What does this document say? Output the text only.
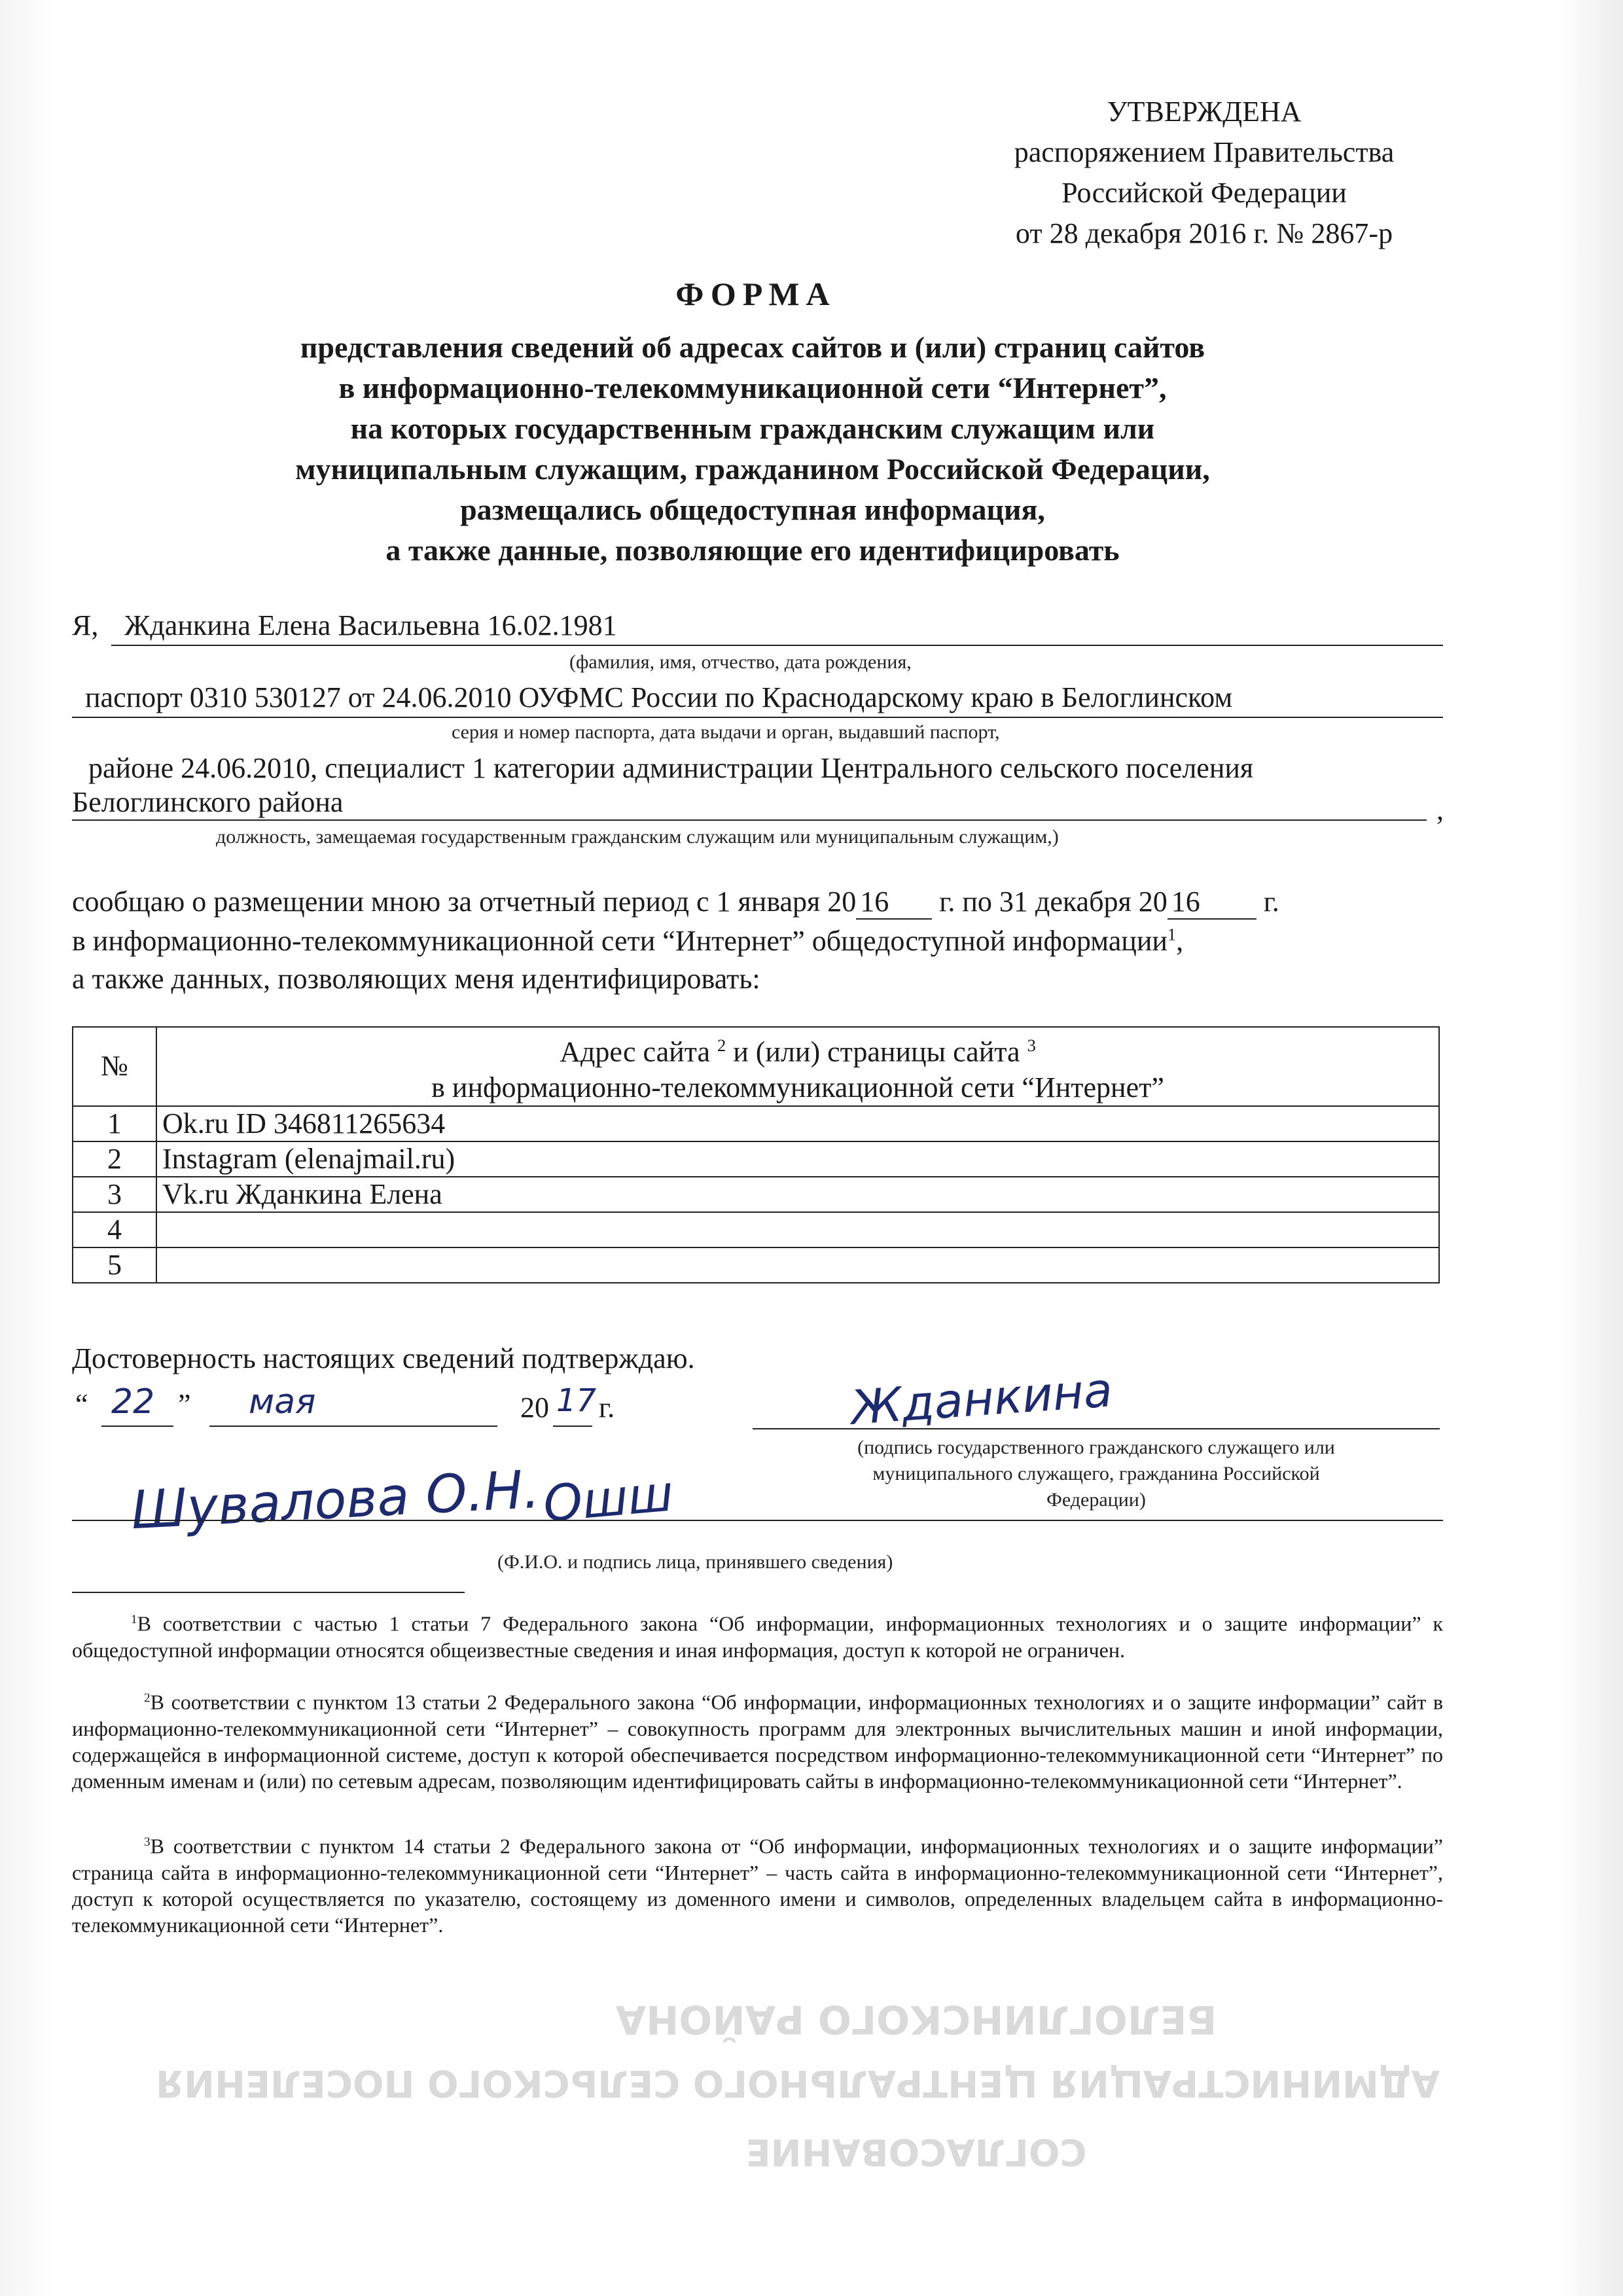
УТВЕРЖДЕНА
распоряжением Правительства
Российской Федерации
от 28 декабря 2016 г. № 2867-р
ФОРМА
представления сведений об адресах сайтов и (или) страниц сайтов
в информационно-телекоммуникационной сети “Интернет”,
на которых государственным гражданским служащим или
муниципальным служащим, гражданином Российской Федерации,
размещались общедоступная информация,
а также данные, позволяющие его идентифицировать
Я, Жданкина Елена Васильевна 16.02.1981
(фамилия, имя, отчество, дата рождения,
паспорт 0310 530127 от 24.06.2010 ОУФМС России по Краснодарскому краю в Белоглинском
серия и номер паспорта, дата выдачи и орган, выдавший паспорт,
районе 24.06.2010, специалист 1 категории администрации Центрального сельского поселения
Белоглинского района	,
должность, замещаемая государственным гражданским служащим или муниципальным служащим,)
сообщаю о размещении мною за отчетный период с 1 января 20 16 г. по 31 декабря 20 16 г.
в информационно-телекоммуникационной сети “Интернет” общедоступной информации$^1$,
а также данных, позволяющих меня идентифицировать:
№	Адрес сайта $^2$ и (или) страницы сайта $^3$
в информационно-телекоммуникационной сети “Интернет”
1	Ok.ru ID 346811265634
2	Instagram (elenajmail.ru)
3	Vk.ru Жданкина Елена
4	
5	
Достоверность настоящих сведений подтверждаю.
“ 22 ” мая	20 17 г.	Жданкина
(подпись государственного гражданского служащего или
муниципального служащего, гражданина Российской
Федерации)
Шувалова О.Н. Ошш
(Ф.И.О. и подпись лица, принявшего сведения)
$^1$В соответствии с частью 1 статьи 7 Федерального закона “Об информации, информационных технологиях и о защите информации” к общедоступной информации относятся общеизвестные сведения и иная информация, доступ к которой не ограничен.
$^2$В соответствии с пунктом 13 статьи 2 Федерального закона “Об информации, информационных технологиях и о защите информации” сайт в информационно-телекоммуникационной сети “Интернет” – совокупность программ для электронных вычислительных машин и иной информации, содержащейся в информационной системе, доступ к которой обеспечивается посредством информационно-телекоммуникационной сети “Интернет” по доменным именам и (или) по сетевым адресам, позволяющим идентифицировать сайты в информационно-телекоммуникационной сети “Интернет”.
$^3$В соответствии с пунктом 14 статьи 2 Федерального закона от “Об информации, информационных технологиях и о защите информации” страница сайта в информационно-телекоммуникационной сети “Интернет” – часть сайта в информационно-телекоммуникационной сети “Интернет”, доступ к которой осуществляется по указателю, состоящему из доменного имени и символов, определенных владельцем сайта в информационно-телекоммуникационной сети “Интернет”.
СОГЛАСОВАНИЕ
АДМИНИСТРАЦИЯ ЦЕНТРАЛЬНОГО СЕЛЬСКОГО ПОСЕЛЕНИЯ
БЕЛОГЛИНСКОГО РАЙОНА
